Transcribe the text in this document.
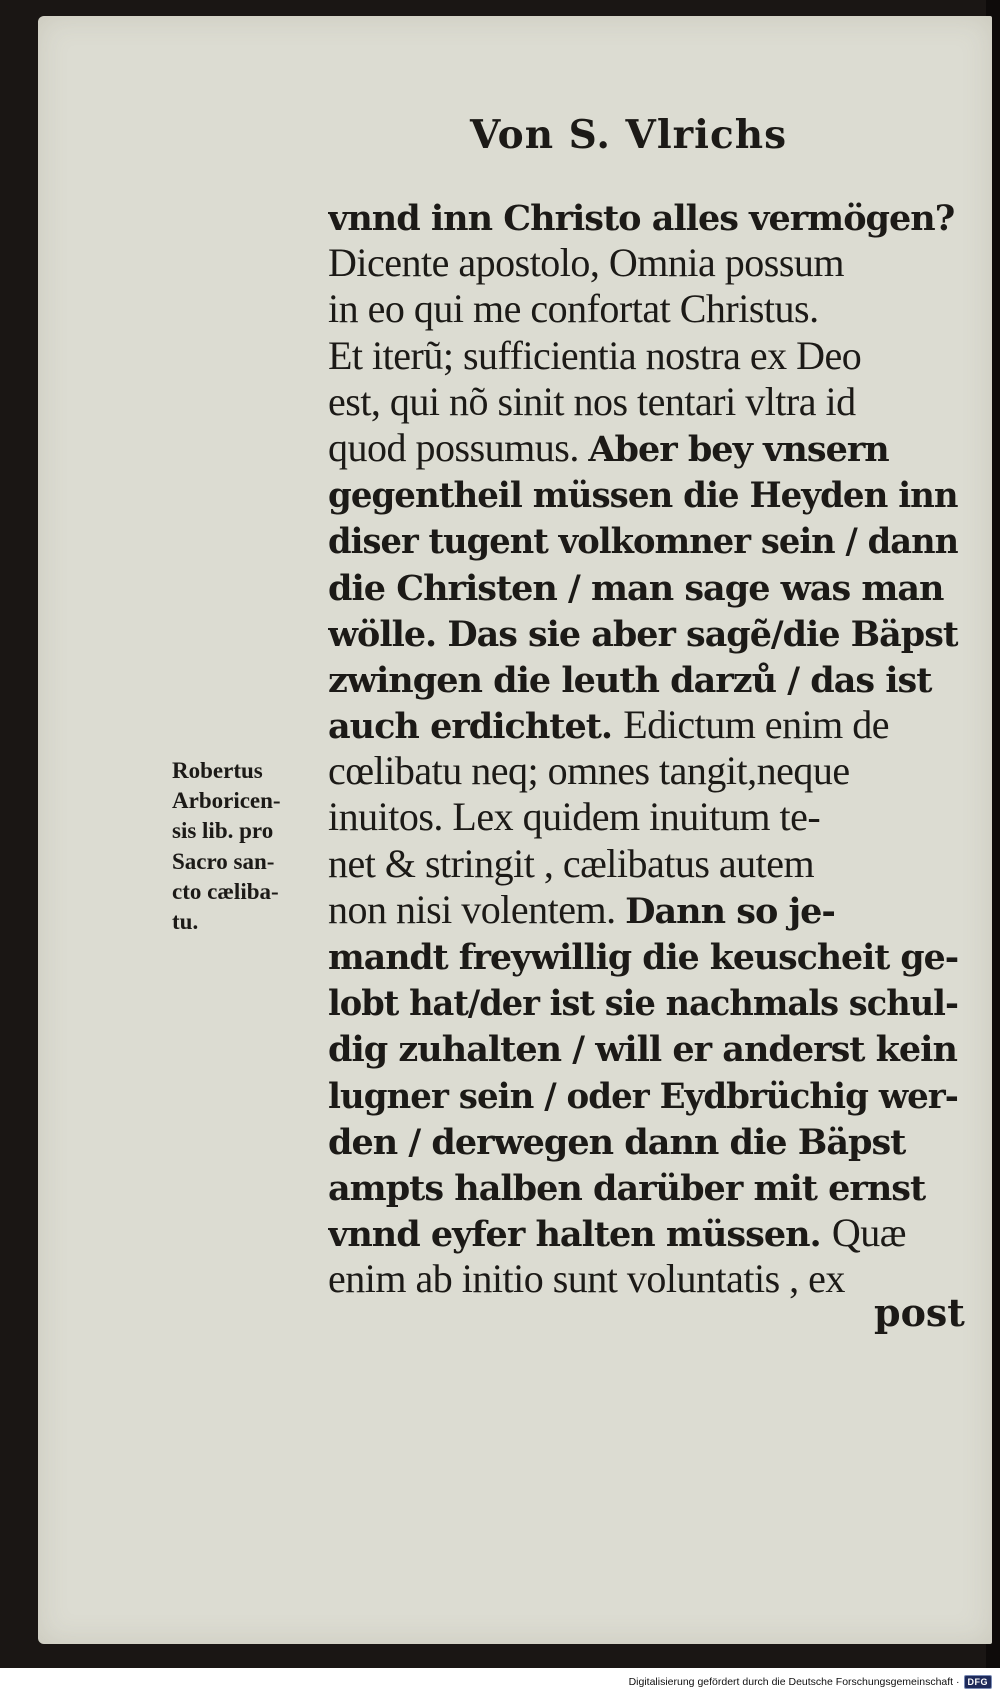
Von S. Vlrichs
vnnd inn Christo alles vermögen?
Dicente apostolo, Omnia possum
in eo qui me confortat Christus.
Et iterũ; sufficientia nostra ex Deo
est, qui nõ sinit nos tentari vltra id
quod possumus. Aber bey vnsern
gegentheil müssen die Heyden inn
diser tugent volkomner sein / dann
die Christen / man sage was man
wölle. Das sie aber sagẽ/die Bäpst
zwingen die leuth darzů / das ist
auch erdichtet. Edictum enim de
cœlibatu neq; omnes tangit,neque
inuitos. Lex quidem inuitum te-
net & stringit , cælibatus autem
non nisi volentem. Dann so je-
mandt freywillig die keuscheit ge-
lobt hat/der ist sie nachmals schul-
dig zuhalten / will er anderst kein
lugner sein / oder Eydbrüchig wer-
den / derwegen dann die Bäpst
ampts halben darüber mit ernst
vnnd eyfer halten müssen. Quæ
enim ab initio sunt voluntatis , ex
Robertus
Arboricen-
sis lib. pro
Sacro san-
cto cæliba-
tu.
post
Digitalisierung gefördert durch die Deutsche Forschungsgemeinschaft · DFG
